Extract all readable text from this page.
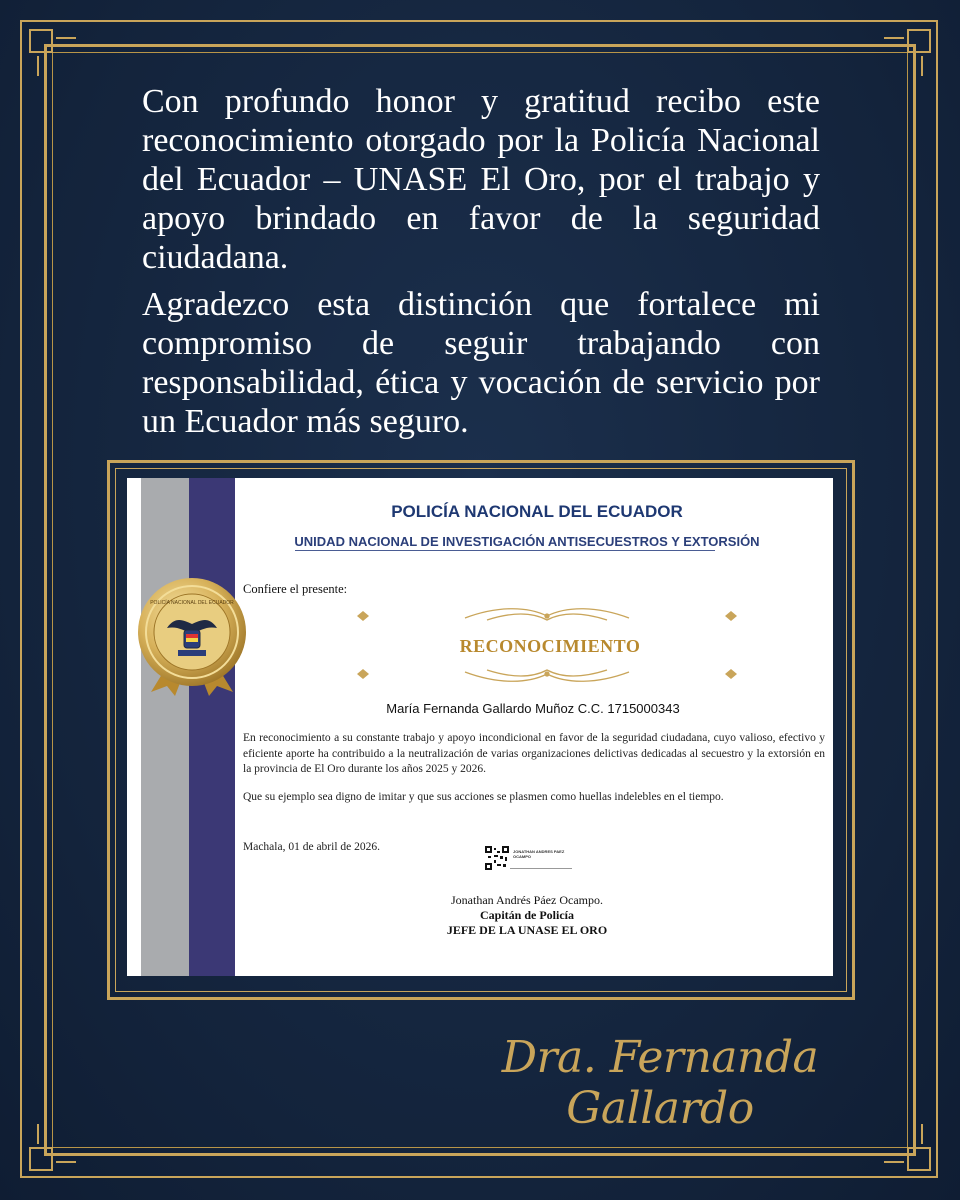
Con profundo honor y gratitud recibo este reconocimiento otorgado por la Policía Nacional del Ecuador – UNASE El Oro, por el trabajo y apoyo brindado en favor de la seguridad ciudadana.

Agradezco esta distinción que fortalece mi compromiso de seguir trabajando con responsabilidad, ética y vocación de servicio por un Ecuador más seguro.

POLICÍA NACIONAL DEL ECUADOR
UNIDAD NACIONAL DE INVESTIGACIÓN ANTISECUESTROS Y EXTORSIÓN
Confiere el presente:
RECONOCIMIENTO
María Fernanda Gallardo Muñoz C.C. 1715000343
En reconocimiento a su constante trabajo y apoyo incondicional en favor de la seguridad ciudadana, cuyo valioso, efectivo y eficiente aporte ha contribuido a la neutralización de varias organizaciones delictivas dedicadas al secuestro y la extorsión en la provincia de El Oro durante los años 2025 y 2026.
Que su ejemplo sea digno de imitar y que sus acciones se plasmen como huellas indelebles en el tiempo.
Machala, 01 de abril de 2026.	JONATHAN ANDRES PAEZ OCAMPO
Jonathan Andrés Páez Ocampo.
Capitán de Policía
JEFE DE LA UNASE EL ORO
POLICÍA NACIONAL DEL ECUADOR
Dra. Fernanda Gallardo
